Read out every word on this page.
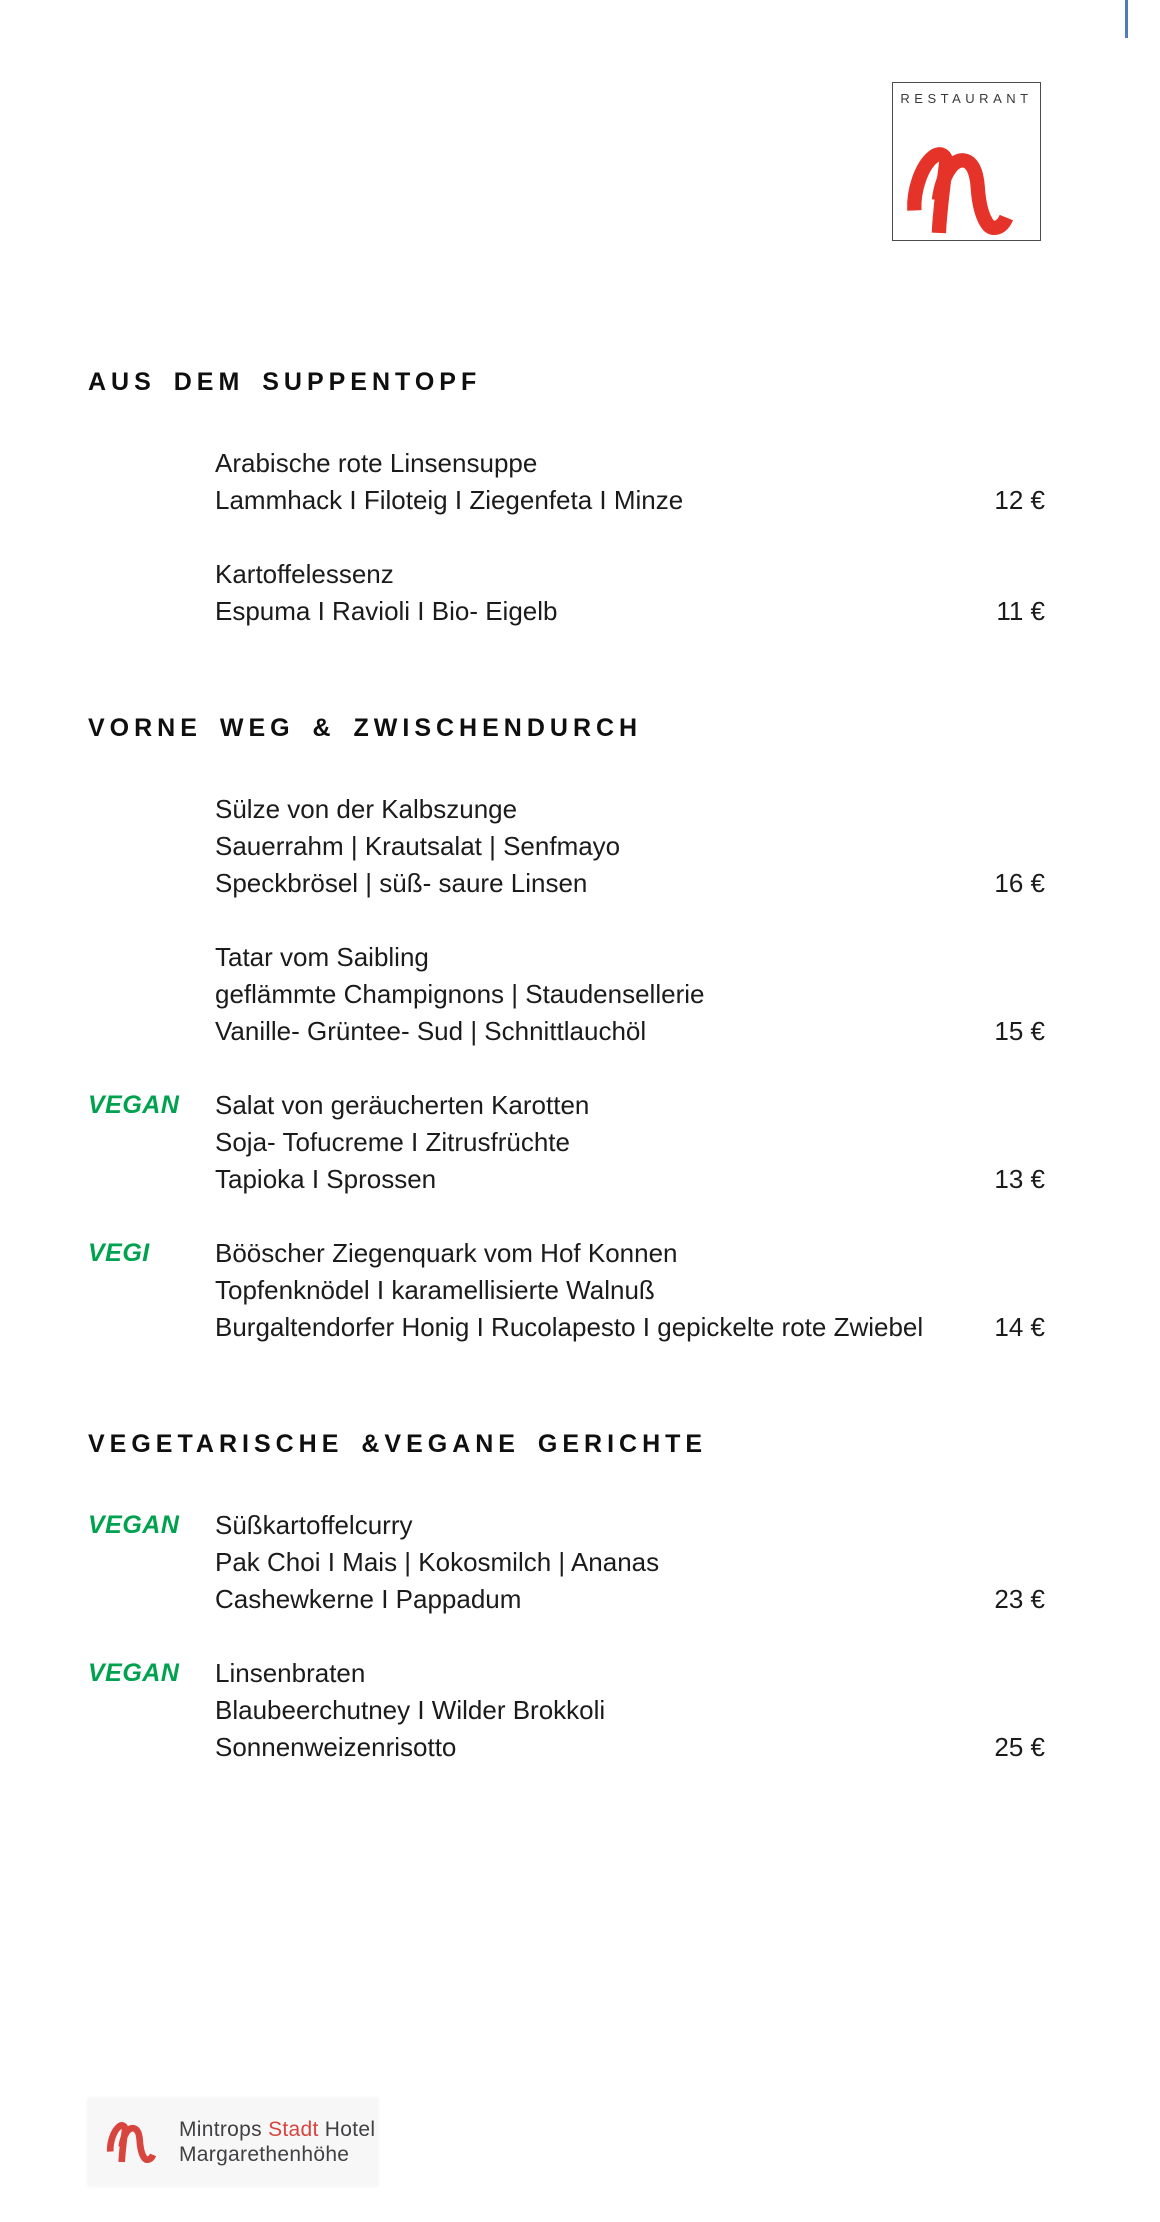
RESTAURANT
AUS DEM SUPPENTOPF
Arabische rote Linsensuppe
Lammhack I Filoteig I Ziegenfeta I Minze	12 €
Kartoffelessenz
Espuma I Ravioli I Bio- Eigelb	11 €
VORNE WEG & ZWISCHENDURCH
Sülze von der Kalbszunge
Sauerrahm | Krautsalat | Senfmayo
Speckbrösel | süß- saure Linsen	16 €
Tatar vom Saibling
geflämmte Champignons | Staudensellerie
Vanille- Grüntee- Sud | Schnittlauchöl	15 €
VEGAN	Salat von geräucherten Karotten
Soja- Tofucreme I Zitrusfrüchte
Tapioka I Sprossen	13 €
VEGI	Bööscher Ziegenquark vom Hof Konnen
Topfenknödel I karamellisierte Walnuß
Burgaltendorfer Honig I Rucolapesto I gepickelte rote Zwiebel	14 €
VEGETARISCHE &VEGANE GERICHTE
VEGAN	Süßkartoffelcurry
Pak Choi I Mais | Kokosmilch | Ananas
Cashewkerne I Pappadum	23 €
VEGAN	Linsenbraten
Blaubeerchutney I Wilder Brokkoli
Sonnenweizenrisotto	25 €
Mintrops Stadt Hotel
Margarethenhöhe
